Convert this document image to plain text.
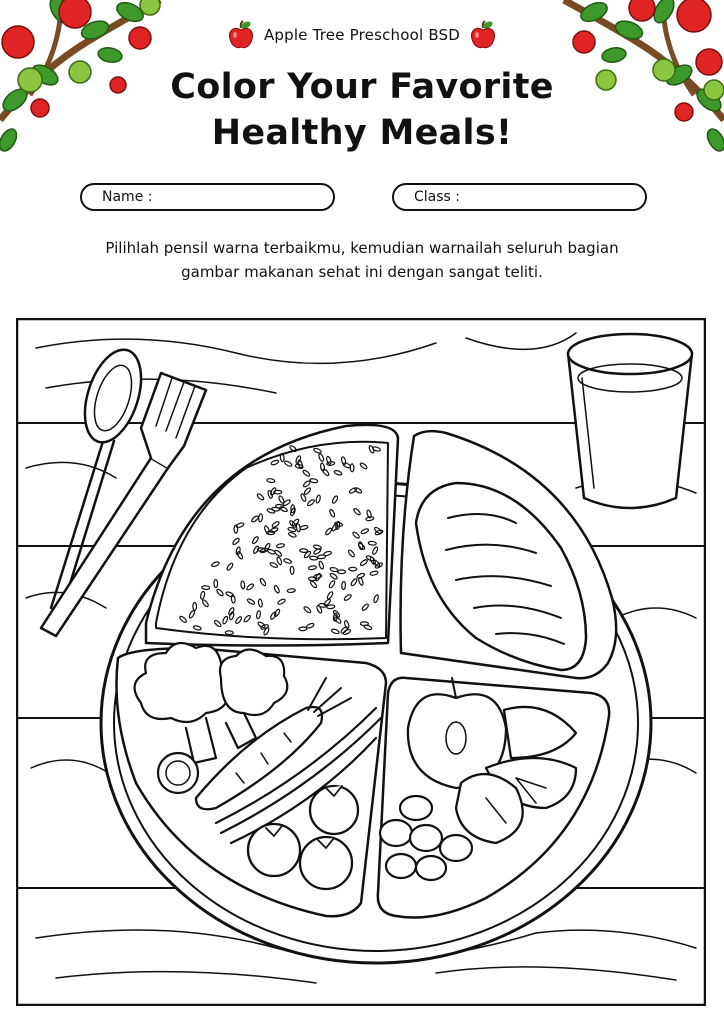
Apple Tree Preschool BSD
Color Your Favorite
Healthy Meals!
Name :	Class :
Pilihlah pensil warna terbaikmu, kemudian warnailah seluruh bagian
gambar makanan sehat ini dengan sangat teliti.
